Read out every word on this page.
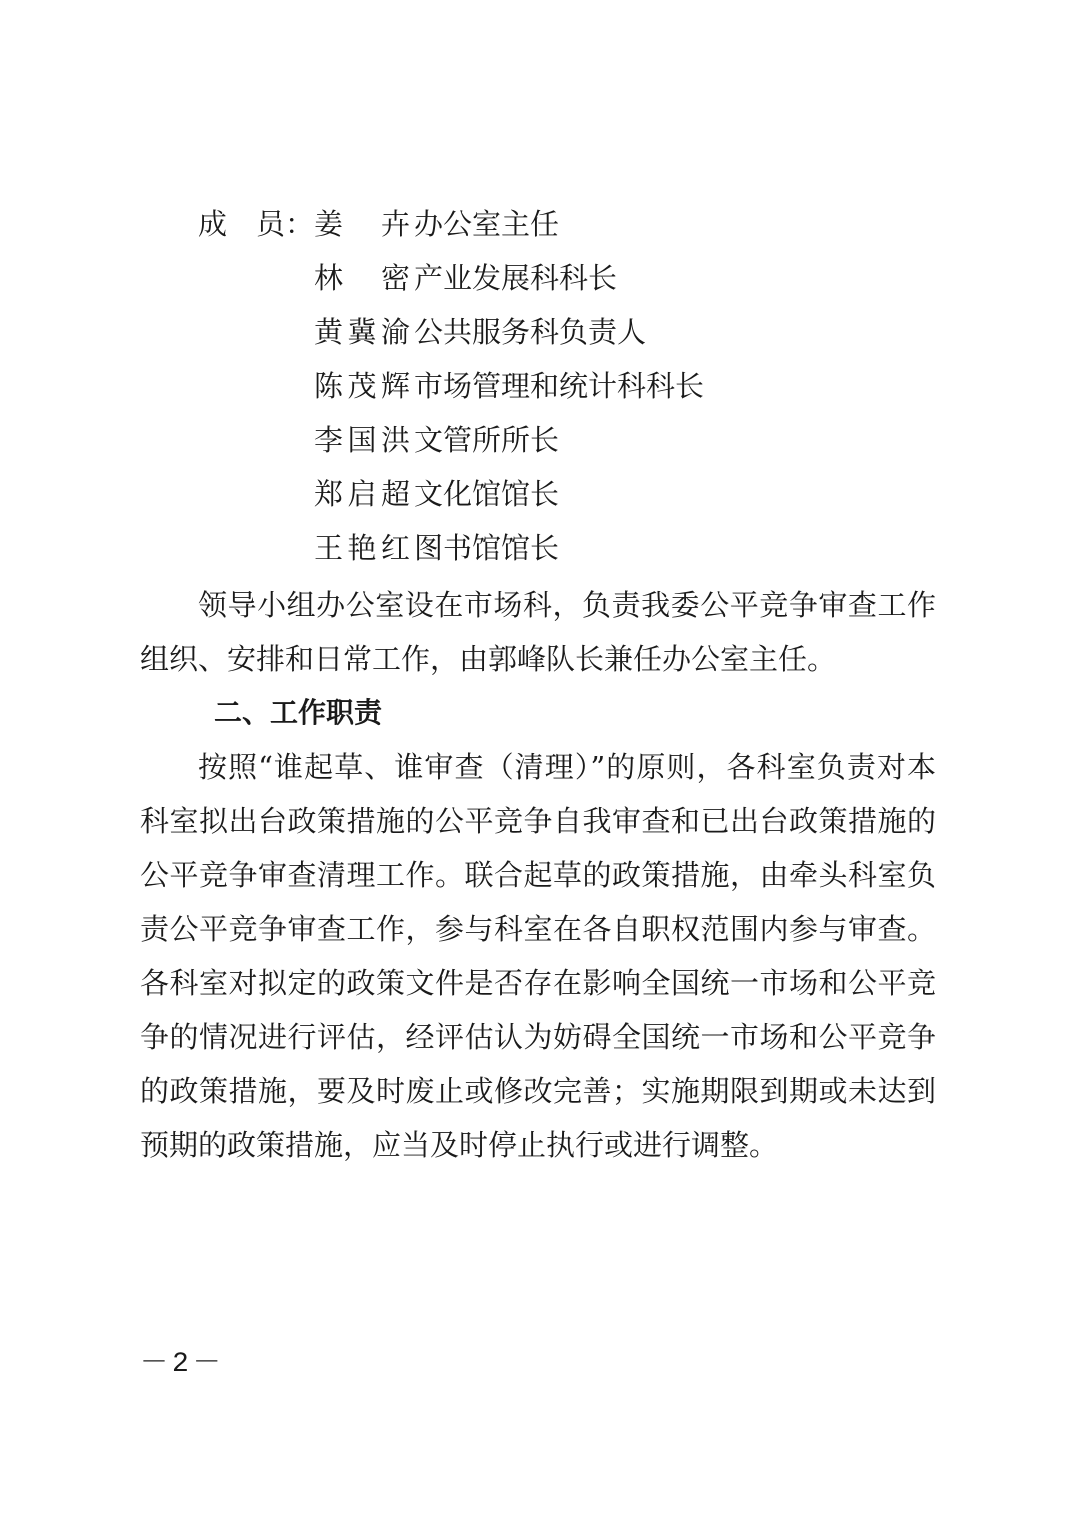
成　员： 姜卉 办公室主任
林密 产业发展科科长
黄冀渝 公共服务科负责人
陈茂辉 市场管理和统计科科长
李国洪 文管所所长
郑启超 文化馆馆长
王艳红 图书馆馆长

领导小组办公室设在市场科，负责我委公平竞争审查工作组织、安排和日常工作，由郭峰队长兼任办公室主任。

二、工作职责

按照“谁起草、谁审查（清理）”的原则，各科室负责对本科室拟出台政策措施的公平竞争自我审查和已出台政策措施的公平竞争审查清理工作。联合起草的政策措施，由牵头科室负责公平竞争审查工作，参与科室在各自职权范围内参与审查。各科室对拟定的政策文件是否存在影响全国统一市场和公平竞争的情况进行评估，经评估认为妨碍全国统一市场和公平竞争的政策措施，要及时废止或修改完善；实施期限到期或未达到预期的政策措施，应当及时停止执行或进行调整。

－2－
